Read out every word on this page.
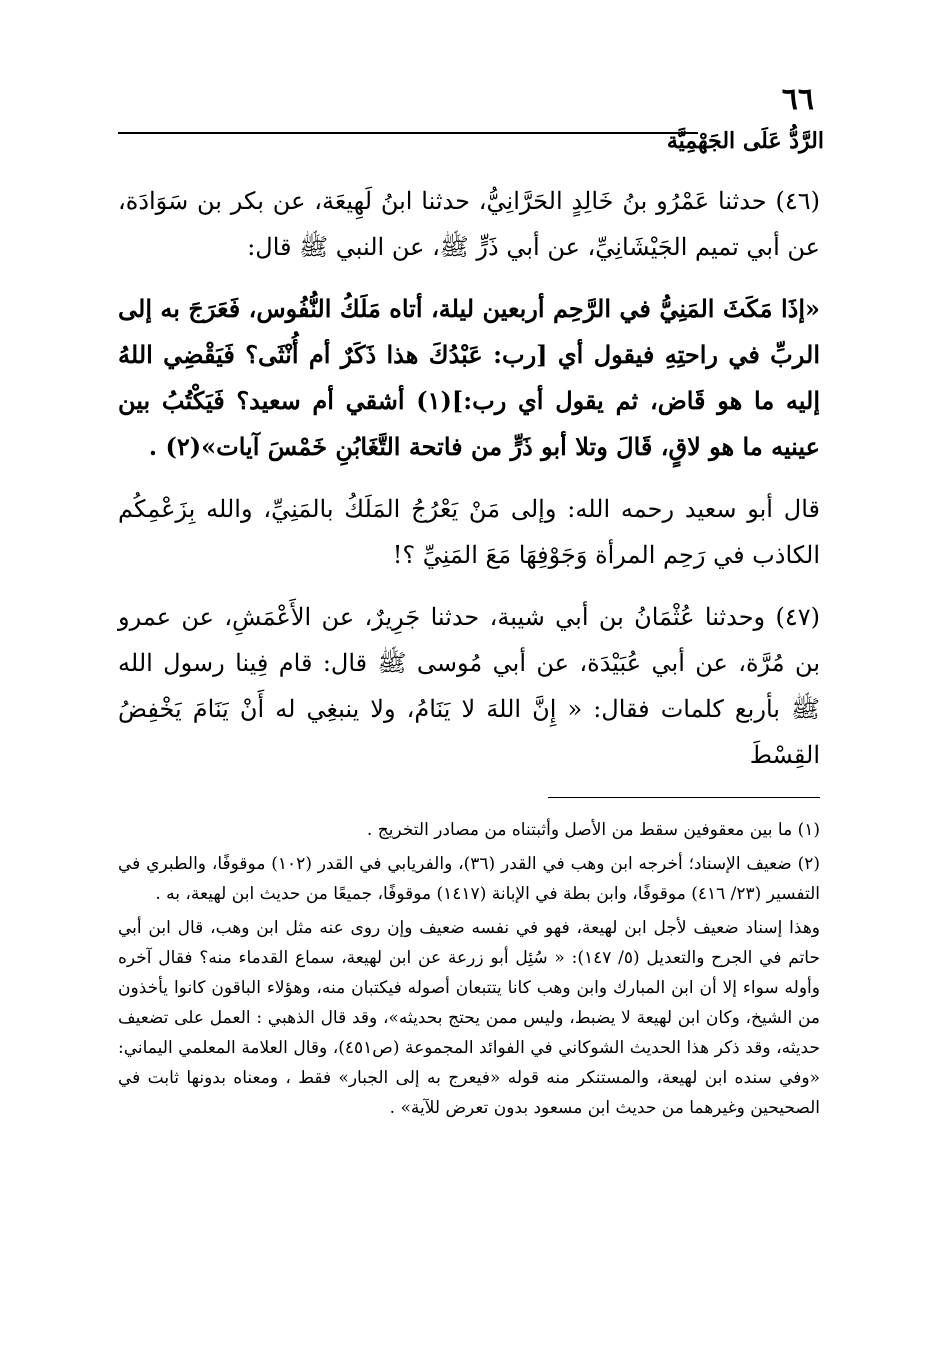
٦٦
الرَّدُّ عَلَى الجَهْمِيَّة

(٤٦) حدثنا عَمْرُو بنُ خَالِدٍ الحَرَّانِيُّ، حدثنا ابنُ لَهِيعَة، عن بكر بن سَوَادَة، عن أبي تميم الجَيْشَانِيِّ، عن أبي ذَرٍّ ﷺ، عن النبي ﷺ قال:

«إذَا مَكَثَ المَنِيُّ في الرَّحِم أربعين ليلة، أتاه مَلَكُ النُّفُوس، فَعَرَجَ به إلى الربِّ في راحتِهِ فيقول أي [رب: عَبْدُكَ هذا ذَكَرٌ أم أُنْثَى؟ فَيَقْضِي اللهُ إليه ما هو قَاض، ثم يقول أي رب:](١) أشقي أم سعيد؟ فَيَكْتُبُ بين عينيه ما هو لاقٍ، قَالَ وتلا أبو ذَرٍّ من فاتحة التَّغَابُنِ خَمْسَ آيات»(٢) .

قال أبو سعيد رحمه الله: وإلى مَنْ يَعْرُجُ المَلَكُ بالمَنِيِّ، والله بِزَعْمِكُم الكاذب في رَحِم المرأة وَجَوْفِهَا مَعَ المَنِيِّ ؟!

(٤٧) وحدثنا عُثْمَانُ بن أبي شيبة، حدثنا جَرِيرٌ، عن الأَعْمَشِ، عن عمرو بن مُرَّة، عن أبي عُبَيْدَة، عن أبي مُوسى ﷺ قال: قام فِينا رسول الله ﷺ بأربع كلمات فقال: « إِنَّ اللهَ لا يَنَامُ، ولا ينبغِي له أَنْ يَنَامَ يَخْفِضُ القِسْطَ

(١) ما بين معقوفين سقط من الأصل وأثبتناه من مصادر التخريج .

(٢) ضعيف الإسناد؛ أخرجه ابن وهب في القدر (٣٦)، والفريابي في القدر (١٠٢) موقوفًا، والطبري في التفسير (٢٣/ ٤١٦) موقوفًا، وابن بطة في الإبانة (١٤١٧) موقوفًا، جميعًا من حديث ابن لهيعة، به .

وهذا إسناد ضعيف لأجل ابن لهيعة، فهو في نفسه ضعيف وإن روى عنه مثل ابن وهب، قال ابن أبي حاتم في الجرح والتعديل (٥/ ١٤٧): « سُئِل أبو زرعة عن ابن لهيعة، سماع القدماء منه؟ فقال آخره وأوله سواء إلا أن ابن المبارك وابن وهب كانا يتتبعان أصوله فيكتبان منه، وهؤلاء الباقون كانوا يأخذون من الشيخ، وكان ابن لهيعة لا يضبط، وليس ممن يحتج بحديثه»، وقد قال الذهبي : العمل على تضعيف حديثه، وقد ذكر هذا الحديث الشوكاني في الفوائد المجموعة (ص٤٥١)، وقال العلامة المعلمي اليماني: «وفي سنده ابن لهيعة، والمستنكر منه قوله «فيعرج به إلى الجبار» فقط ، ومعناه بدونها ثابت في الصحيحين وغيرهما من حديث ابن مسعود بدون تعرض للآية» .
